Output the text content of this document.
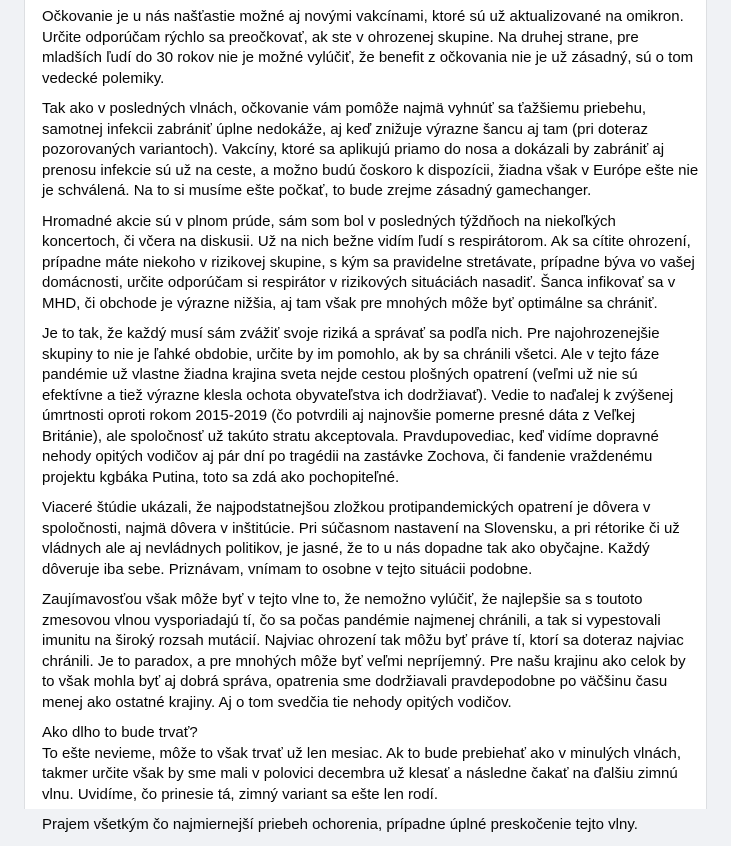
Očkovanie je u nás našťastie možné aj novými vakcínami, ktoré sú už aktualizované na omikron.
Určite odporúčam rýchlo sa preočkovať, ak ste v ohrozenej skupine. Na druhej strane, pre
mladších ľudí do 30 rokov nie je možné vylúčiť, že benefit z očkovania nie je už zásadný, sú o tom
vedecké polemiky.

Tak ako v posledných vlnách, očkovanie vám pomôže najmä vyhnúť sa ťažšiemu priebehu,
samotnej infekcii zabrániť úplne nedokáže, aj keď znižuje výrazne šancu aj tam (pri doteraz
pozorovaných variantoch). Vakcíny, ktoré sa aplikujú priamo do nosa a dokázali by zabrániť aj
prenosu infekcie sú už na ceste, a možno budú čoskoro k dispozícii, žiadna však v Európe ešte nie
je schválená. Na to si musíme ešte počkať, to bude zrejme zásadný gamechanger.

Hromadné akcie sú v plnom prúde, sám som bol v posledných týždňoch na niekoľkých
koncertoch, či včera na diskusii. Už na nich bežne vidím ľudí s respirátorom. Ak sa cítite ohrození,
prípadne máte niekoho v rizikovej skupine, s kým sa pravidelne stretávate, prípadne býva vo vašej
domácnosti, určite odporúčam si respirátor v rizikových situáciách nasadiť. Šanca infikovať sa v
MHD, či obchode je výrazne nižšia, aj tam však pre mnohých môže byť optimálne sa chrániť.

Je to tak, že každý musí sám zvážiť svoje riziká a správať sa podľa nich. Pre najohrozenejšie
skupiny to nie je ľahké obdobie, určite by im pomohlo, ak by sa chránili všetci. Ale v tejto fáze
pandémie už vlastne žiadna krajina sveta nejde cestou plošných opatrení (veľmi už nie sú
efektívne a tiež výrazne klesla ochota obyvateľstva ich dodržiavať). Vedie to naďalej k zvýšenej
úmrtnosti oproti rokom 2015-2019 (čo potvrdili aj najnovšie pomerne presné dáta z Veľkej
Británie), ale spoločnosť už takúto stratu akceptovala. Pravdupovediac, keď vidíme dopravné
nehody opitých vodičov aj pár dní po tragédii na zastávke Zochova, či fandenie vraždenému
projektu kgbáka Putina, toto sa zdá ako pochopiteľné.

Viaceré štúdie ukázali, že najpodstatnejšou zložkou protipandemických opatrení je dôvera v
spoločnosti, najmä dôvera v inštitúcie. Pri súčasnom nastavení na Slovensku, a pri rétorike či už
vládnych ale aj nevládnych politikov, je jasné, že to u nás dopadne tak ako obyčajne. Každý
dôveruje iba sebe. Priznávam, vnímam to osobne v tejto situácii podobne.

Zaujímavosťou však môže byť v tejto vlne to, že nemožno vylúčiť, že najlepšie sa s toutoto
zmesovou vlnou vysporiadajú tí, čo sa počas pandémie najmenej chránili, a tak si vypestovali
imunitu na široký rozsah mutácií. Najviac ohrození tak môžu byť práve tí, ktorí sa doteraz najviac
chránili. Je to paradox, a pre mnohých môže byť veľmi nepríjemný. Pre našu krajinu ako celok by
to však mohla byť aj dobrá správa, opatrenia sme dodržiavali pravdepodobne po väčšinu času
menej ako ostatné krajiny. Aj o tom svedčia tie nehody opitých vodičov.

Ako dlho to bude trvať?
To ešte nevieme, môže to však trvať už len mesiac. Ak to bude prebiehať ako v minulých vlnách,
takmer určite však by sme mali v polovici decembra už klesať a následne čakať na ďalšiu zimnú
vlnu. Uvidíme, čo prinesie tá, zimný variant sa ešte len rodí.

Prajem všetkým čo najmiernejší priebeh ochorenia, prípadne úplné preskočenie tejto vlny.
